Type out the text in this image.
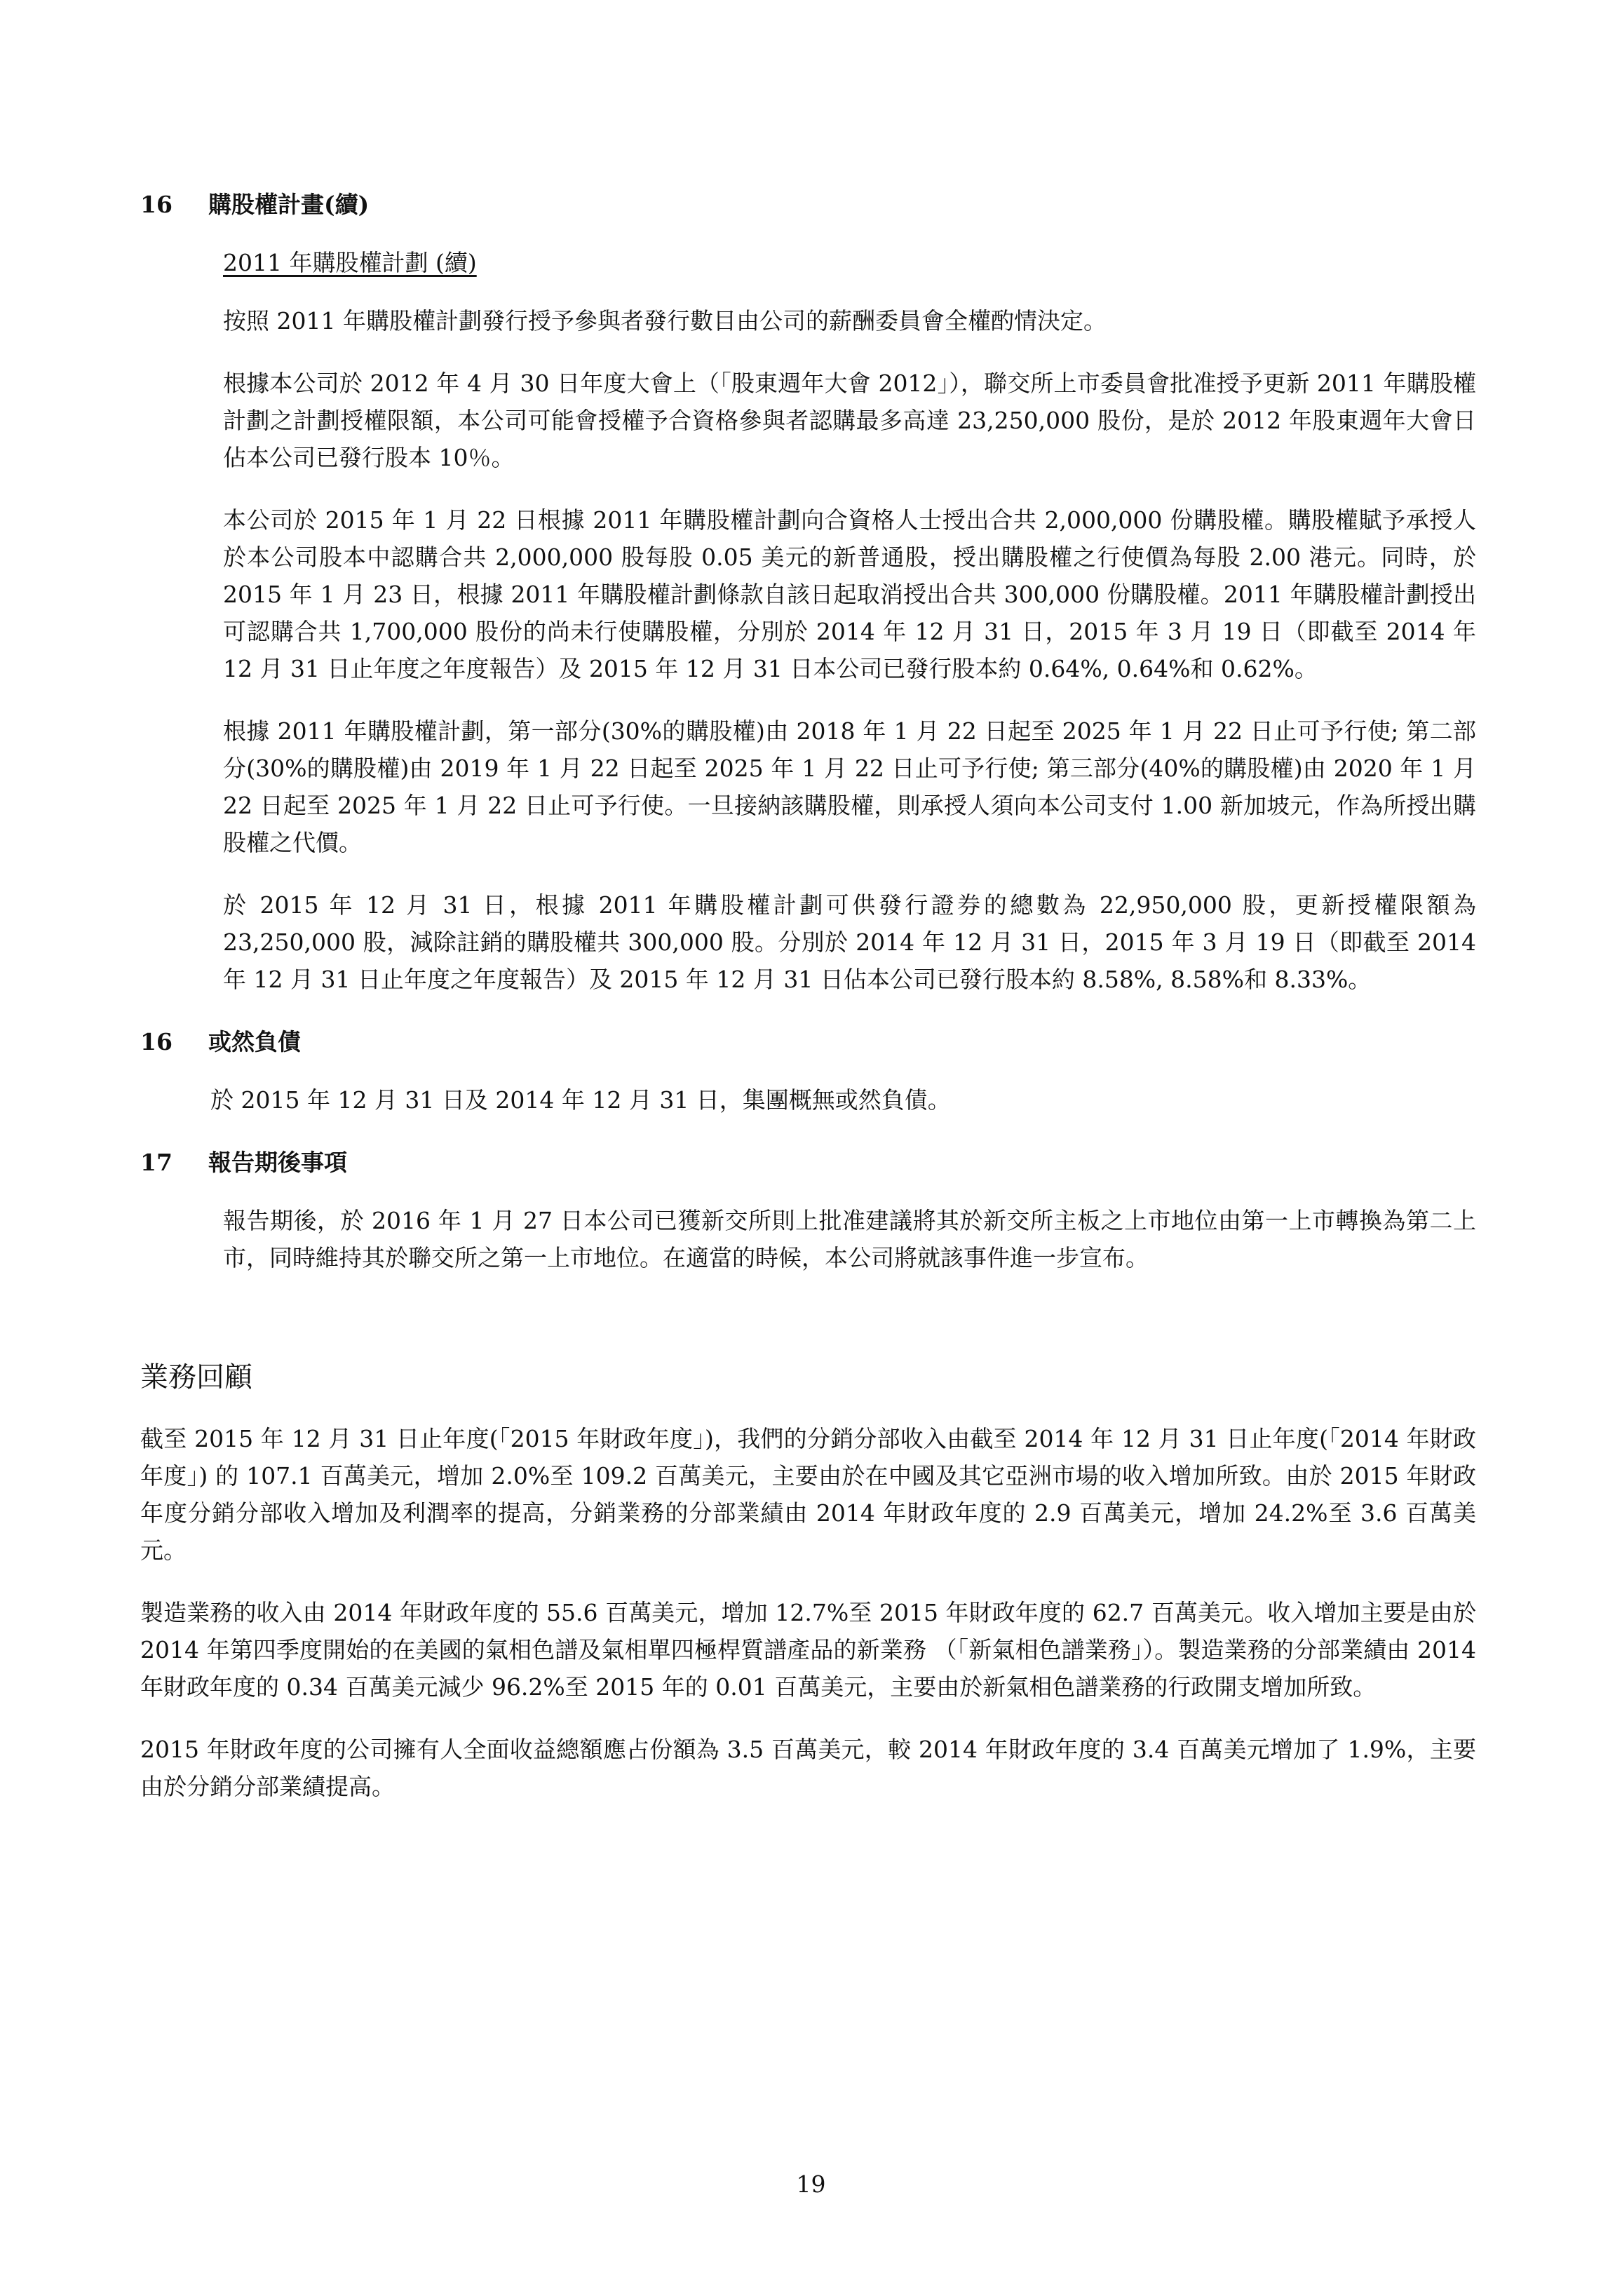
16	購股權計畫(續)
2011 年購股權計劃 (續)

按照 2011 年購股權計劃發行授予參與者發行數目由公司的薪酬委員會全權酌情決定。

根據本公司於 2012 年 4 月 30 日年度大會上（「股東週年大會 2012」），聯交所上市委員會批准授予更新 2011 年購股權計劃之計劃授權限額，本公司可能會授權予合資格參與者認購最多高達 23,250,000 股份，是於 2012 年股東週年大會日佔本公司已發行股本 10％。

本公司於 2015 年 1 月 22 日根據 2011 年購股權計劃向合資格人士授出合共 2,000,000 份購股權。購股權賦予承授人於本公司股本中認購合共 2,000,000 股每股 0.05 美元的新普通股，授出購股權之行使價為每股 2.00 港元。同時，於 2015 年 1 月 23 日，根據 2011 年購股權計劃條款自該日起取消授出合共 300,000 份購股權。2011 年購股權計劃授出可認購合共 1,700,000 股份的尚未行使購股權，分別於 2014 年 12 月 31 日，2015 年 3 月 19 日（即截至 2014 年 12 月 31 日止年度之年度報告）及 2015 年 12 月 31 日本公司已發行股本約 0.64%, 0.64%和 0.62%。

根據 2011 年購股權計劃，第一部分(30%的購股權)由 2018 年 1 月 22 日起至 2025 年 1 月 22 日止可予行使; 第二部分(30%的購股權)由 2019 年 1 月 22 日起至 2025 年 1 月 22 日止可予行使; 第三部分(40%的購股權)由 2020 年 1 月 22 日起至 2025 年 1 月 22 日止可予行使。一旦接納該購股權，則承授人須向本公司支付 1.00 新加坡元，作為所授出購股權之代價。

於 2015 年 12 月 31 日，根據 2011 年購股權計劃可供發行證券的總數為 22,950,000 股，更新授權限額為 23,250,000 股，減除註銷的購股權共 300,000 股。分別於 2014 年 12 月 31 日，2015 年 3 月 19 日（即截至 2014 年 12 月 31 日止年度之年度報告）及 2015 年 12 月 31 日佔本公司已發行股本約 8.58%, 8.58%和 8.33%。

16	或然負債

於 2015 年 12 月 31 日及 2014 年 12 月 31 日，集團概無或然負債。

17	報告期後事項

報告期後，於 2016 年 1 月 27 日本公司已獲新交所則上批准建議將其於新交所主板之上市地位由第一上市轉換為第二上市，同時維持其於聯交所之第一上市地位。在適當的時候，本公司將就該事件進一步宣布。

業務回顧

截至 2015 年 12 月 31 日止年度(「2015 年財政年度」)，我們的分銷分部收入由截至 2014 年 12 月 31 日止年度(「2014 年財政年度」) 的 107.1 百萬美元，增加 2.0%至 109.2 百萬美元，主要由於在中國及其它亞洲市場的收入增加所致。由於 2015 年財政年度分銷分部收入增加及利潤率的提高，分銷業務的分部業績由 2014 年財政年度的 2.9 百萬美元，增加 24.2%至 3.6 百萬美元。

製造業務的收入由 2014 年財政年度的 55.6 百萬美元，增加 12.7%至 2015 年財政年度的 62.7 百萬美元。收入增加主要是由於 2014 年第四季度開始的在美國的氣相色譜及氣相單四極桿質譜產品的新業務 （「新氣相色譜業務」）。製造業務的分部業績由 2014 年財政年度的 0.34 百萬美元減少 96.2%至 2015 年的 0.01 百萬美元，主要由於新氣相色譜業務的行政開支增加所致。

2015 年財政年度的公司擁有人全面收益總額應占份額為 3.5 百萬美元，較 2014 年財政年度的 3.4 百萬美元增加了 1.9%，主要由於分銷分部業績提高。

19
